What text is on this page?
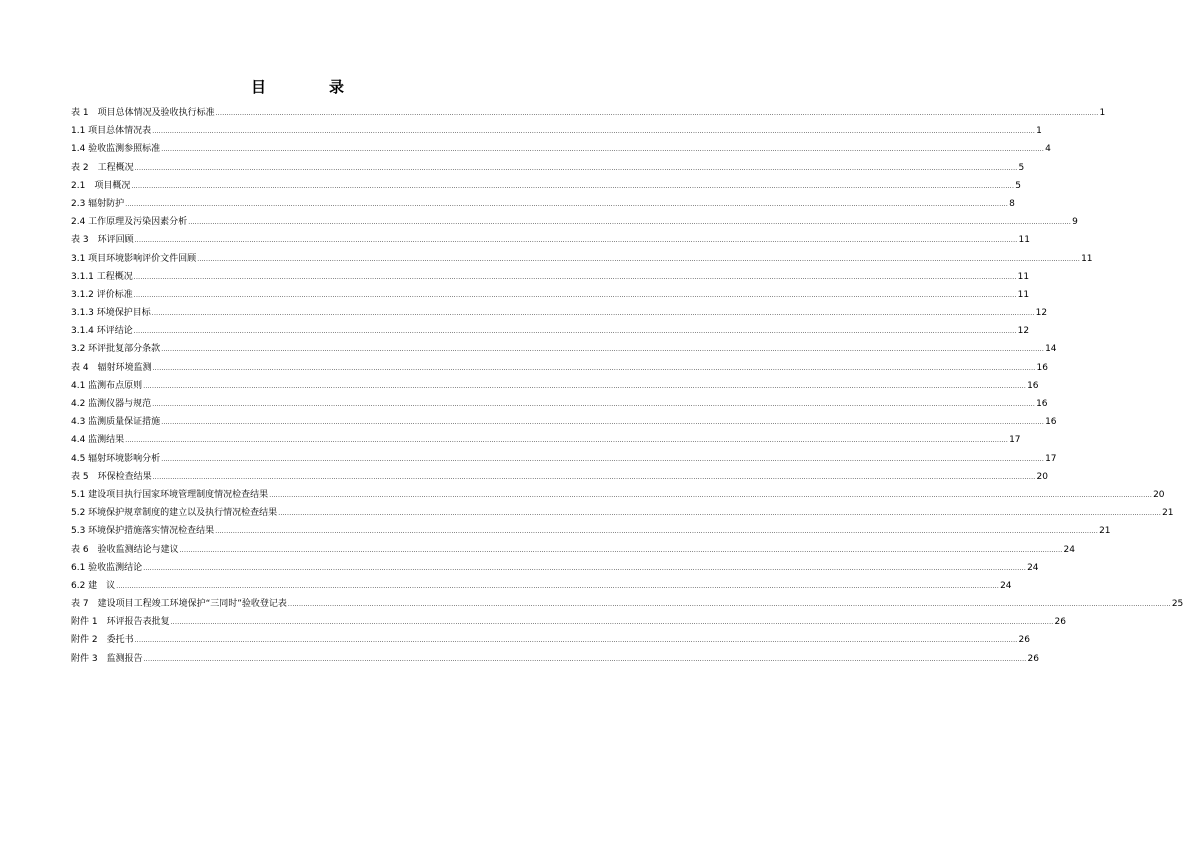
目　录
表 1　项目总体情况及验收执行标准 ................................................................................................................................................................................................................................................................................................................................................................................................................ 1
1.1 项目总体情况表 ................................................................................................................................................................................................................................................................................................................................................................................................................ 1
1.4 验收监测参照标准 ................................................................................................................................................................................................................................................................................................................................................................................................................ 4
表 2　工程概况 ................................................................................................................................................................................................................................................................................................................................................................................................................ 5
2.1　项目概况 ................................................................................................................................................................................................................................................................................................................................................................................................................ 5
2.3 辐射防护 ................................................................................................................................................................................................................................................................................................................................................................................................................ 8
2.4 工作原理及污染因素分析 ................................................................................................................................................................................................................................................................................................................................................................................................................ 9
表 3　环评回顾 ................................................................................................................................................................................................................................................................................................................................................................................................................ 11
3.1 项目环境影响评价文件回顾 ................................................................................................................................................................................................................................................................................................................................................................................................................ 11
3.1.1 工程概况 ................................................................................................................................................................................................................................................................................................................................................................................................................ 11
3.1.2 评价标准 ................................................................................................................................................................................................................................................................................................................................................................................................................ 11
3.1.3 环境保护目标 ................................................................................................................................................................................................................................................................................................................................................................................................................ 12
3.1.4 环评结论 ................................................................................................................................................................................................................................................................................................................................................................................................................ 12
3.2 环评批复部分条款 ................................................................................................................................................................................................................................................................................................................................................................................................................ 14
表 4　辐射环境监测 ................................................................................................................................................................................................................................................................................................................................................................................................................ 16
4.1 监测布点原则 ................................................................................................................................................................................................................................................................................................................................................................................................................ 16
4.2 监测仪器与规范 ................................................................................................................................................................................................................................................................................................................................................................................................................ 16
4.3 监测质量保证措施 ................................................................................................................................................................................................................................................................................................................................................................................................................ 16
4.4 监测结果 ................................................................................................................................................................................................................................................................................................................................................................................................................ 17
4.5 辐射环境影响分析 ................................................................................................................................................................................................................................................................................................................................................................................................................ 17
表 5　环保检查结果 ................................................................................................................................................................................................................................................................................................................................................................................................................ 20
5.1 建设项目执行国家环境管理制度情况检查结果 ................................................................................................................................................................................................................................................................................................................................................................................................................ 20
5.2 环境保护规章制度的建立以及执行情况检查结果 ................................................................................................................................................................................................................................................................................................................................................................................................................ 21
5.3 环境保护措施落实情况检查结果 ................................................................................................................................................................................................................................................................................................................................................................................................................ 21
表 6　验收监测结论与建议 ................................................................................................................................................................................................................................................................................................................................................................................................................ 24
6.1 验收监测结论 ................................................................................................................................................................................................................................................................................................................................................................................................................ 24
6.2 建　议 ................................................................................................................................................................................................................................................................................................................................................................................................................ 24
表 7　建设项目工程竣工环境保护“三同时”验收登记表 ................................................................................................................................................................................................................................................................................................................................................................................................................ 25
附件 1　环评报告表批复 ................................................................................................................................................................................................................................................................................................................................................................................................................ 26
附件 2　委托书 ................................................................................................................................................................................................................................................................................................................................................................................................................ 26
附件 3　监测报告 ................................................................................................................................................................................................................................................................................................................................................................................................................ 26
